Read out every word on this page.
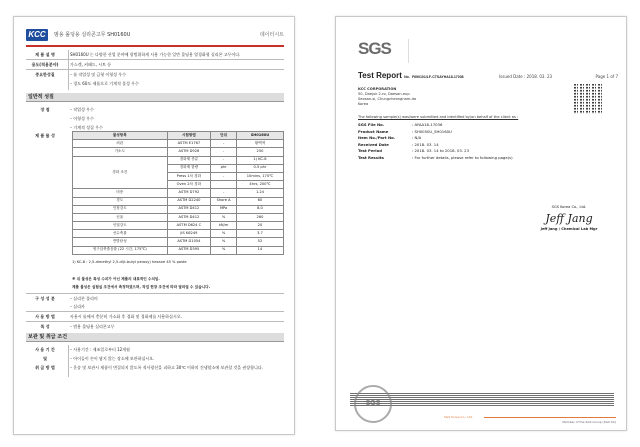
KCC	범용 몰딩용 실리콘고무 SH0160U	데이터시트
제 품 설 명	SH0160U 는 다양한 산업 분야에 광범위하게 사용 가능한 일반 몰딩용 열경화형 실리콘 고무이다.
용도(적용분야)	가스켓, 커패드, 시트 등
중요한성질	– 롤 작업성 및 금형 이형성 우수
– 경도 60도 제품으로 기계적 물성 우수
일반적 성질
장 점	– 작업성 우수
– 이형성 우수
– 기계적 성질 우수
제 품 물 성	물성항목	시험방법	단위	SH0160U
외관	ASTM E1767	-	황백색
가소도	ASTM D926	-	250
경화 조건	경화제 종류	-	1) KC-8
	경화제 함량	phr	0.5 phr
	Press 1차 경화	-	10mins, 170℃
	Oven 2차 경화		4hrs, 200℃
비중	ASTM D792	-	1.24
경도	ASTM D2240	Shore A	60
인장강도	ASTM D412	MPa	8.0
신율	ASTM D412	%	260
인열강도	ASTM D624 C	kN/m	20
선수축률	JIS K6249	%	3.7
반발탄성	ASTM D1054	%	52
영구압축줄음률 (22 시간, 175℃)	ASTM D395	%	14
1) KC-8 : 2,5-dimethyl 2,5-di(t-butyl peroxy) hexane 45 % paste
※ 위 물성은 특성 수치가 아닌 제품의 대표적인 수치임.
제품 물성은 실험실 조건에서 측정하였으며, 작업 현장 조건에 따라 달라질 수 있습니다.
구 성 성 분	– 실리콘 폴리머
– 실리카
사 용 방 법	사용시 롤에서 충분히 가소화 후 경화 및 경화제를 사용하십시오.
특 성	– 범용 몰딩용 실리콘고무
보관 및 취급 조건
사 용 기 간	– 사용기간 : 제조일로부터 12개월
및	– 아이들이 손이 닿지 않는 장소에 보관하십시오.
취 급 방 법	– 운송 및 보관시 제품이 변질되지 않도록 직사광선을 피하고 30℃ 이하의 건냉암소에 보관할 것을 권장합니다.
SGS
Test Report No. F690101/LF-CTSAYHA18-17036	Issued Date : 2018. 03. 23	Page 1 of 7
KCC CORPORATION
50, Daejuk 2-ro, Daesan-eup
Seosan-si, Chungcheongnam-do
Korea
The following sample(s) was/were submitted and identified by/on behalf of the client as :
SGS File No.	: AYAA18-17036
Product Name	: SH0050U_SH0160U
Item No./Part No.	: N/A
Received Date	: 2018. 03. 14
Test Period	: 2018. 03. 14 to 2018. 03. 23
Test Results	: For further details, please refer to following page(s)
SGS Korea Co., Ltd.
Jeff Jang
Jeff Jang / Chemical Lab Mgr
SGS
SGS Korea Co., Ltd.
Member of the SGS Group (SGS SA)
